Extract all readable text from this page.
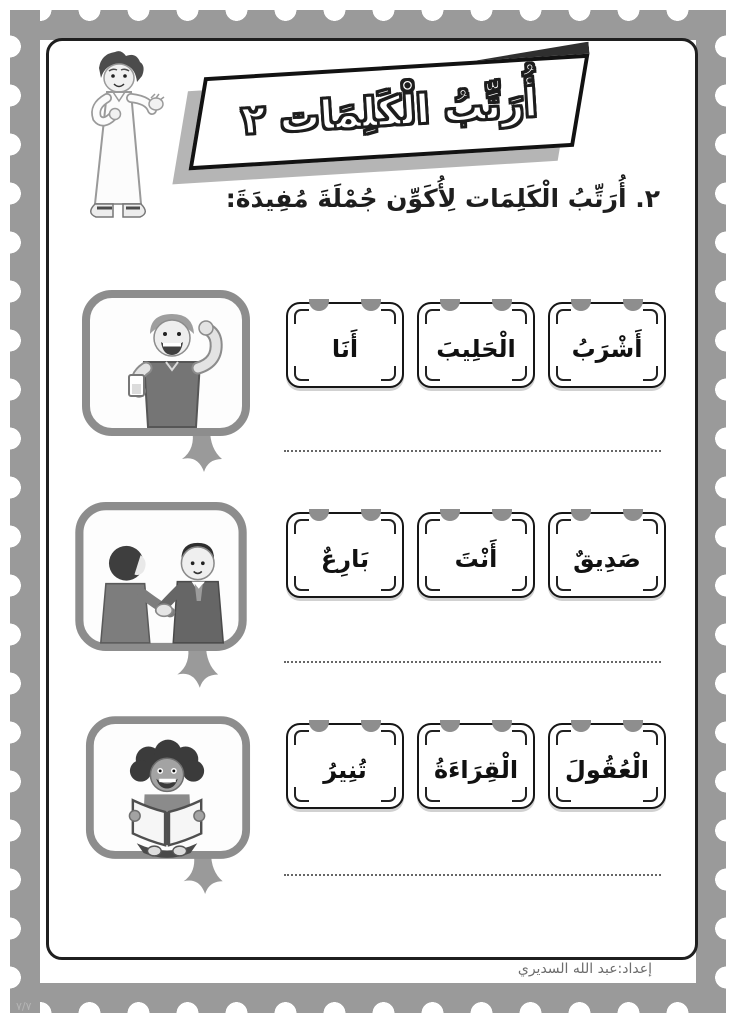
أُرَتِّبُ الْكَلِمَات ٢
٢. أُرَتِّبُ الْكَلِمَات لِأُكَوِّن جُمْلَةَ مُفِيدَةَ:
أَشْرَبُ
الْحَلِيبَ
أَنَا
صَدِيقٌ
أَنْتَ
بَارِعٌ
الْعُقُولَ
الْقِرَاءَةُ
تُنِيرُ
إعداد:عبد الله السديري
٧/٧
